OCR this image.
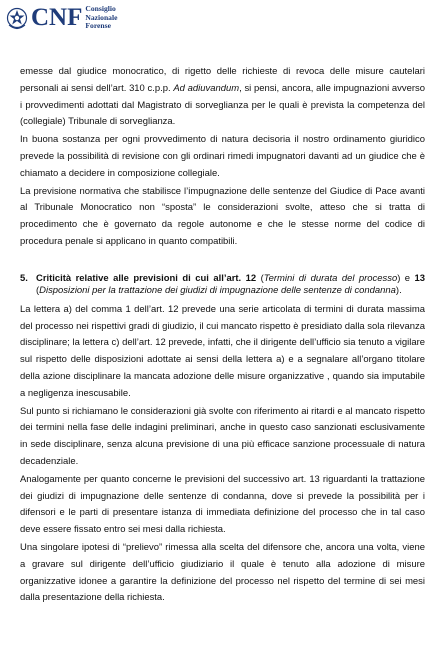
CNF Consiglio
Nazionale
Forense

emesse dal giudice monocratico, di rigetto delle richieste di revoca delle misure cautelari personali ai sensi dell’art. 310 c.p.p. Ad adiuvandum, si pensi, ancora, alle impugnazioni avverso i provvedimenti adottati dal Magistrato di sorveglianza per le quali è prevista la competenza del (collegiale) Tribunale di sorveglianza.

In buona sostanza per ogni provvedimento di natura decisoria il nostro ordinamento giuridico prevede la possibilità di revisione con gli ordinari rimedi impugnatori davanti ad un giudice che è chiamato a decidere in composizione collegiale.

La previsione normativa che stabilisce l’impugnazione delle sentenze del Giudice di Pace avanti al Tribunale Monocratico non “sposta” le considerazioni svolte, atteso che si tratta di procedimento che è governato da regole autonome e che le stesse norme del codice di procedura penale si applicano in quanto compatibili.

5. Criticità relative alle previsioni di cui all’art. 12 (Termini di durata del processo) e 13 (Disposizioni per la trattazione dei giudizi di impugnazione delle sentenze di condanna).

La lettera a) del comma 1 dell’art. 12 prevede una serie articolata di termini di durata massima del processo nei rispettivi gradi di giudizio, il cui mancato rispetto è presidiato dalla sola rilevanza disciplinare; la lettera c) dell’art. 12 prevede, infatti, che il dirigente dell’ufficio sia tenuto a vigilare sul rispetto delle disposizioni adottate ai sensi della lettera a) e a segnalare all’organo titolare della azione disciplinare la mancata adozione delle misure organizzative , quando sia imputabile a negligenza inescusabile.

Sul punto si richiamano le considerazioni già svolte con riferimento ai ritardi e al mancato rispetto dei termini nella fase delle indagini preliminari, anche in questo caso sanzionati esclusivamente in sede disciplinare, senza alcuna previsione di una più efficace sanzione processuale di natura decadenziale.

Analogamente per quanto concerne le previsioni del successivo art. 13 riguardanti la trattazione dei giudizi di impugnazione delle sentenze di condanna, dove si prevede la possibilità per i difensori e le parti di presentare istanza di immediata definizione del processo che in tal caso deve essere fissato entro sei mesi dalla richiesta.

Una singolare ipotesi di “prelievo” rimessa alla scelta del difensore che, ancora una volta, viene a gravare sul dirigente dell’ufficio giudiziario il quale è tenuto alla adozione di misure organizzative idonee a garantire la definizione del processo nel rispetto del termine di sei mesi dalla presentazione della richiesta.
